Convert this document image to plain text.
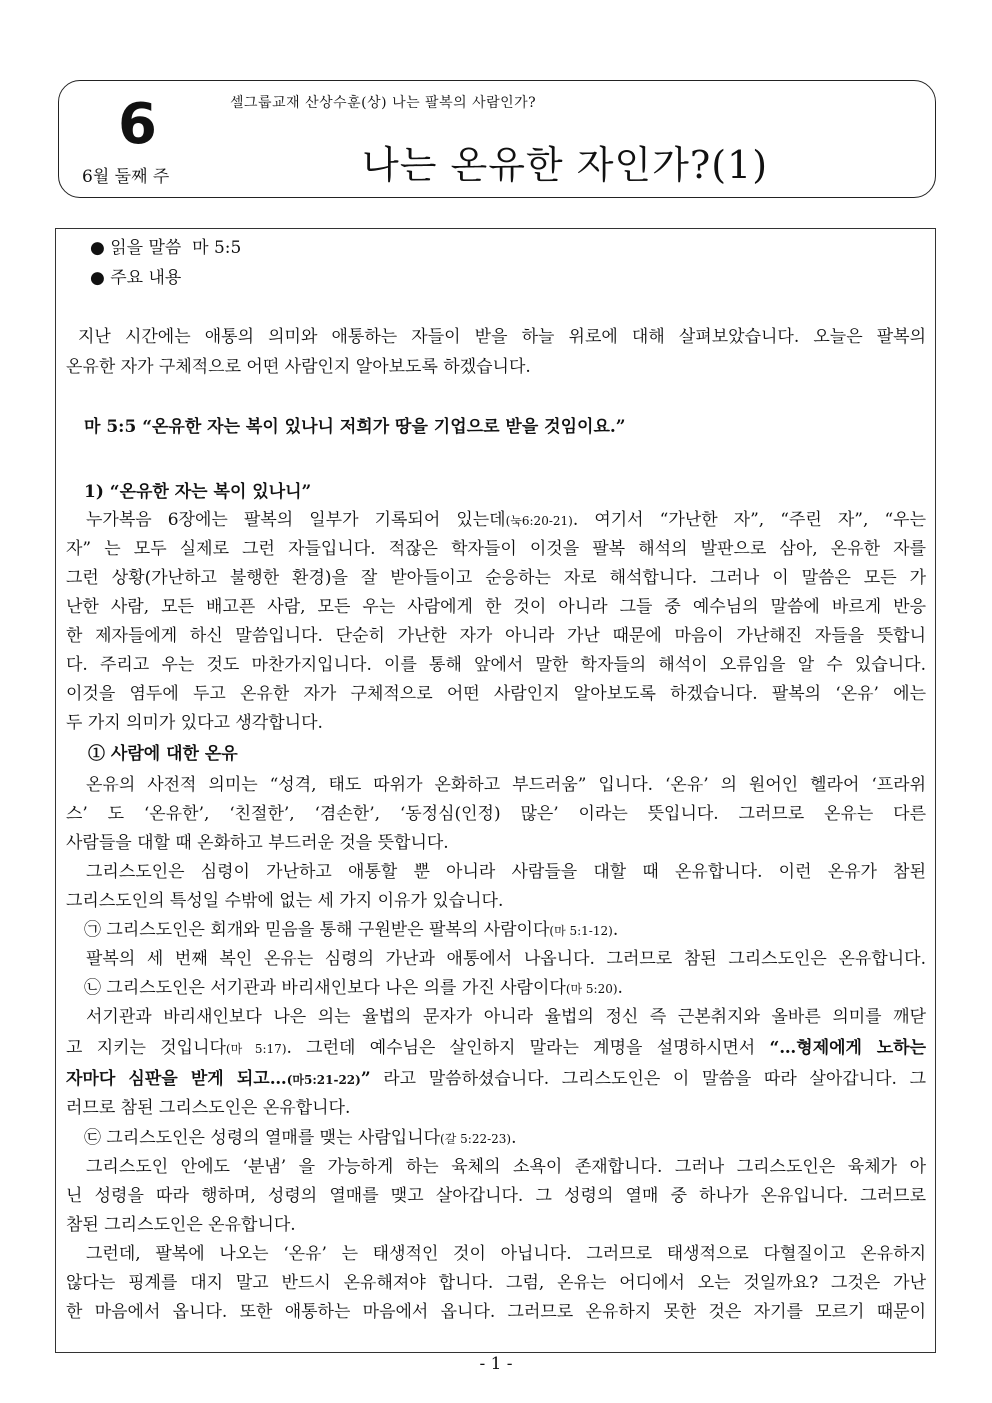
6
6월 둘째 주
셀그룹교재 산상수훈(상) 나는 팔복의 사람인가?
나는 온유한 자인가?(1)
● 읽을 말씀 마 5:5
● 주요 내용
지난 시간에는 애통의 의미와 애통하는 자들이 받을 하늘 위로에 대해 살펴보았습니다. 오늘은 팔복의
온유한 자가 구체적으로 어떤 사람인지 알아보도록 하겠습니다.
마 5:5 “온유한 자는 복이 있나니 저희가 땅을 기업으로 받을 것임이요.”
1) “온유한 자는 복이 있나니”
누가복음 6장에는 팔복의 일부가 기록되어 있는데(눅6:20-21). 여기서 “가난한 자”, “주린 자”, “우는
자” 는 모두 실제로 그런 자들입니다. 적잖은 학자들이 이것을 팔복 해석의 발판으로 삼아, 온유한 자를
그런 상황(가난하고 불행한 환경)을 잘 받아들이고 순응하는 자로 해석합니다. 그러나 이 말씀은 모든 가
난한 사람, 모든 배고픈 사람, 모든 우는 사람에게 한 것이 아니라 그들 중 예수님의 말씀에 바르게 반응
한 제자들에게 하신 말씀입니다. 단순히 가난한 자가 아니라 가난 때문에 마음이 가난해진 자들을 뜻합니
다. 주리고 우는 것도 마찬가지입니다. 이를 통해 앞에서 말한 학자들의 해석이 오류임을 알 수 있습니다.
이것을 염두에 두고 온유한 자가 구체적으로 어떤 사람인지 알아보도록 하겠습니다. 팔복의 ‘온유’ 에는
두 가지 의미가 있다고 생각합니다.
① 사람에 대한 온유
온유의 사전적 의미는 “성격, 태도 따위가 온화하고 부드러움” 입니다. ‘온유’ 의 원어인 헬라어 ‘프라위
스’ 도 ‘온유한’, ‘친절한’, ‘겸손한’, ‘동정심(인정) 많은’ 이라는 뜻입니다. 그러므로 온유는 다른
사람들을 대할 때 온화하고 부드러운 것을 뜻합니다.
그리스도인은 심령이 가난하고 애통할 뿐 아니라 사람들을 대할 때 온유합니다. 이런 온유가 참된
그리스도인의 특성일 수밖에 없는 세 가지 이유가 있습니다.
㉠ 그리스도인은 회개와 믿음을 통해 구원받은 팔복의 사람이다(마 5:1-12).
팔복의 세 번째 복인 온유는 심령의 가난과 애통에서 나옵니다. 그러므로 참된 그리스도인은 온유합니다.
㉡ 그리스도인은 서기관과 바리새인보다 나은 의를 가진 사람이다(마 5:20).
서기관과 바리새인보다 나은 의는 율법의 문자가 아니라 율법의 정신 즉 근본취지와 올바른 의미를 깨닫
고 지키는 것입니다(마 5:17). 그런데 예수님은 살인하지 말라는 계명을 설명하시면서 “…형제에게 노하는
자마다 심판을 받게 되고…(마5:21-22)” 라고 말씀하셨습니다. 그리스도인은 이 말씀을 따라 살아갑니다. 그
러므로 참된 그리스도인은 온유합니다.
㉢ 그리스도인은 성령의 열매를 맺는 사람입니다(갈 5:22-23).
그리스도인 안에도 ‘분냄’ 을 가능하게 하는 육체의 소욕이 존재합니다. 그러나 그리스도인은 육체가 아
닌 성령을 따라 행하며, 성령의 열매를 맺고 살아갑니다. 그 성령의 열매 중 하나가 온유입니다. 그러므로
참된 그리스도인은 온유합니다.
그런데, 팔복에 나오는 ‘온유’ 는 태생적인 것이 아닙니다. 그러므로 태생적으로 다혈질이고 온유하지
않다는 핑계를 대지 말고 반드시 온유해져야 합니다. 그럼, 온유는 어디에서 오는 것일까요? 그것은 가난
한 마음에서 옵니다. 또한 애통하는 마음에서 옵니다. 그러므로 온유하지 못한 것은 자기를 모르기 때문이
- 1 -
